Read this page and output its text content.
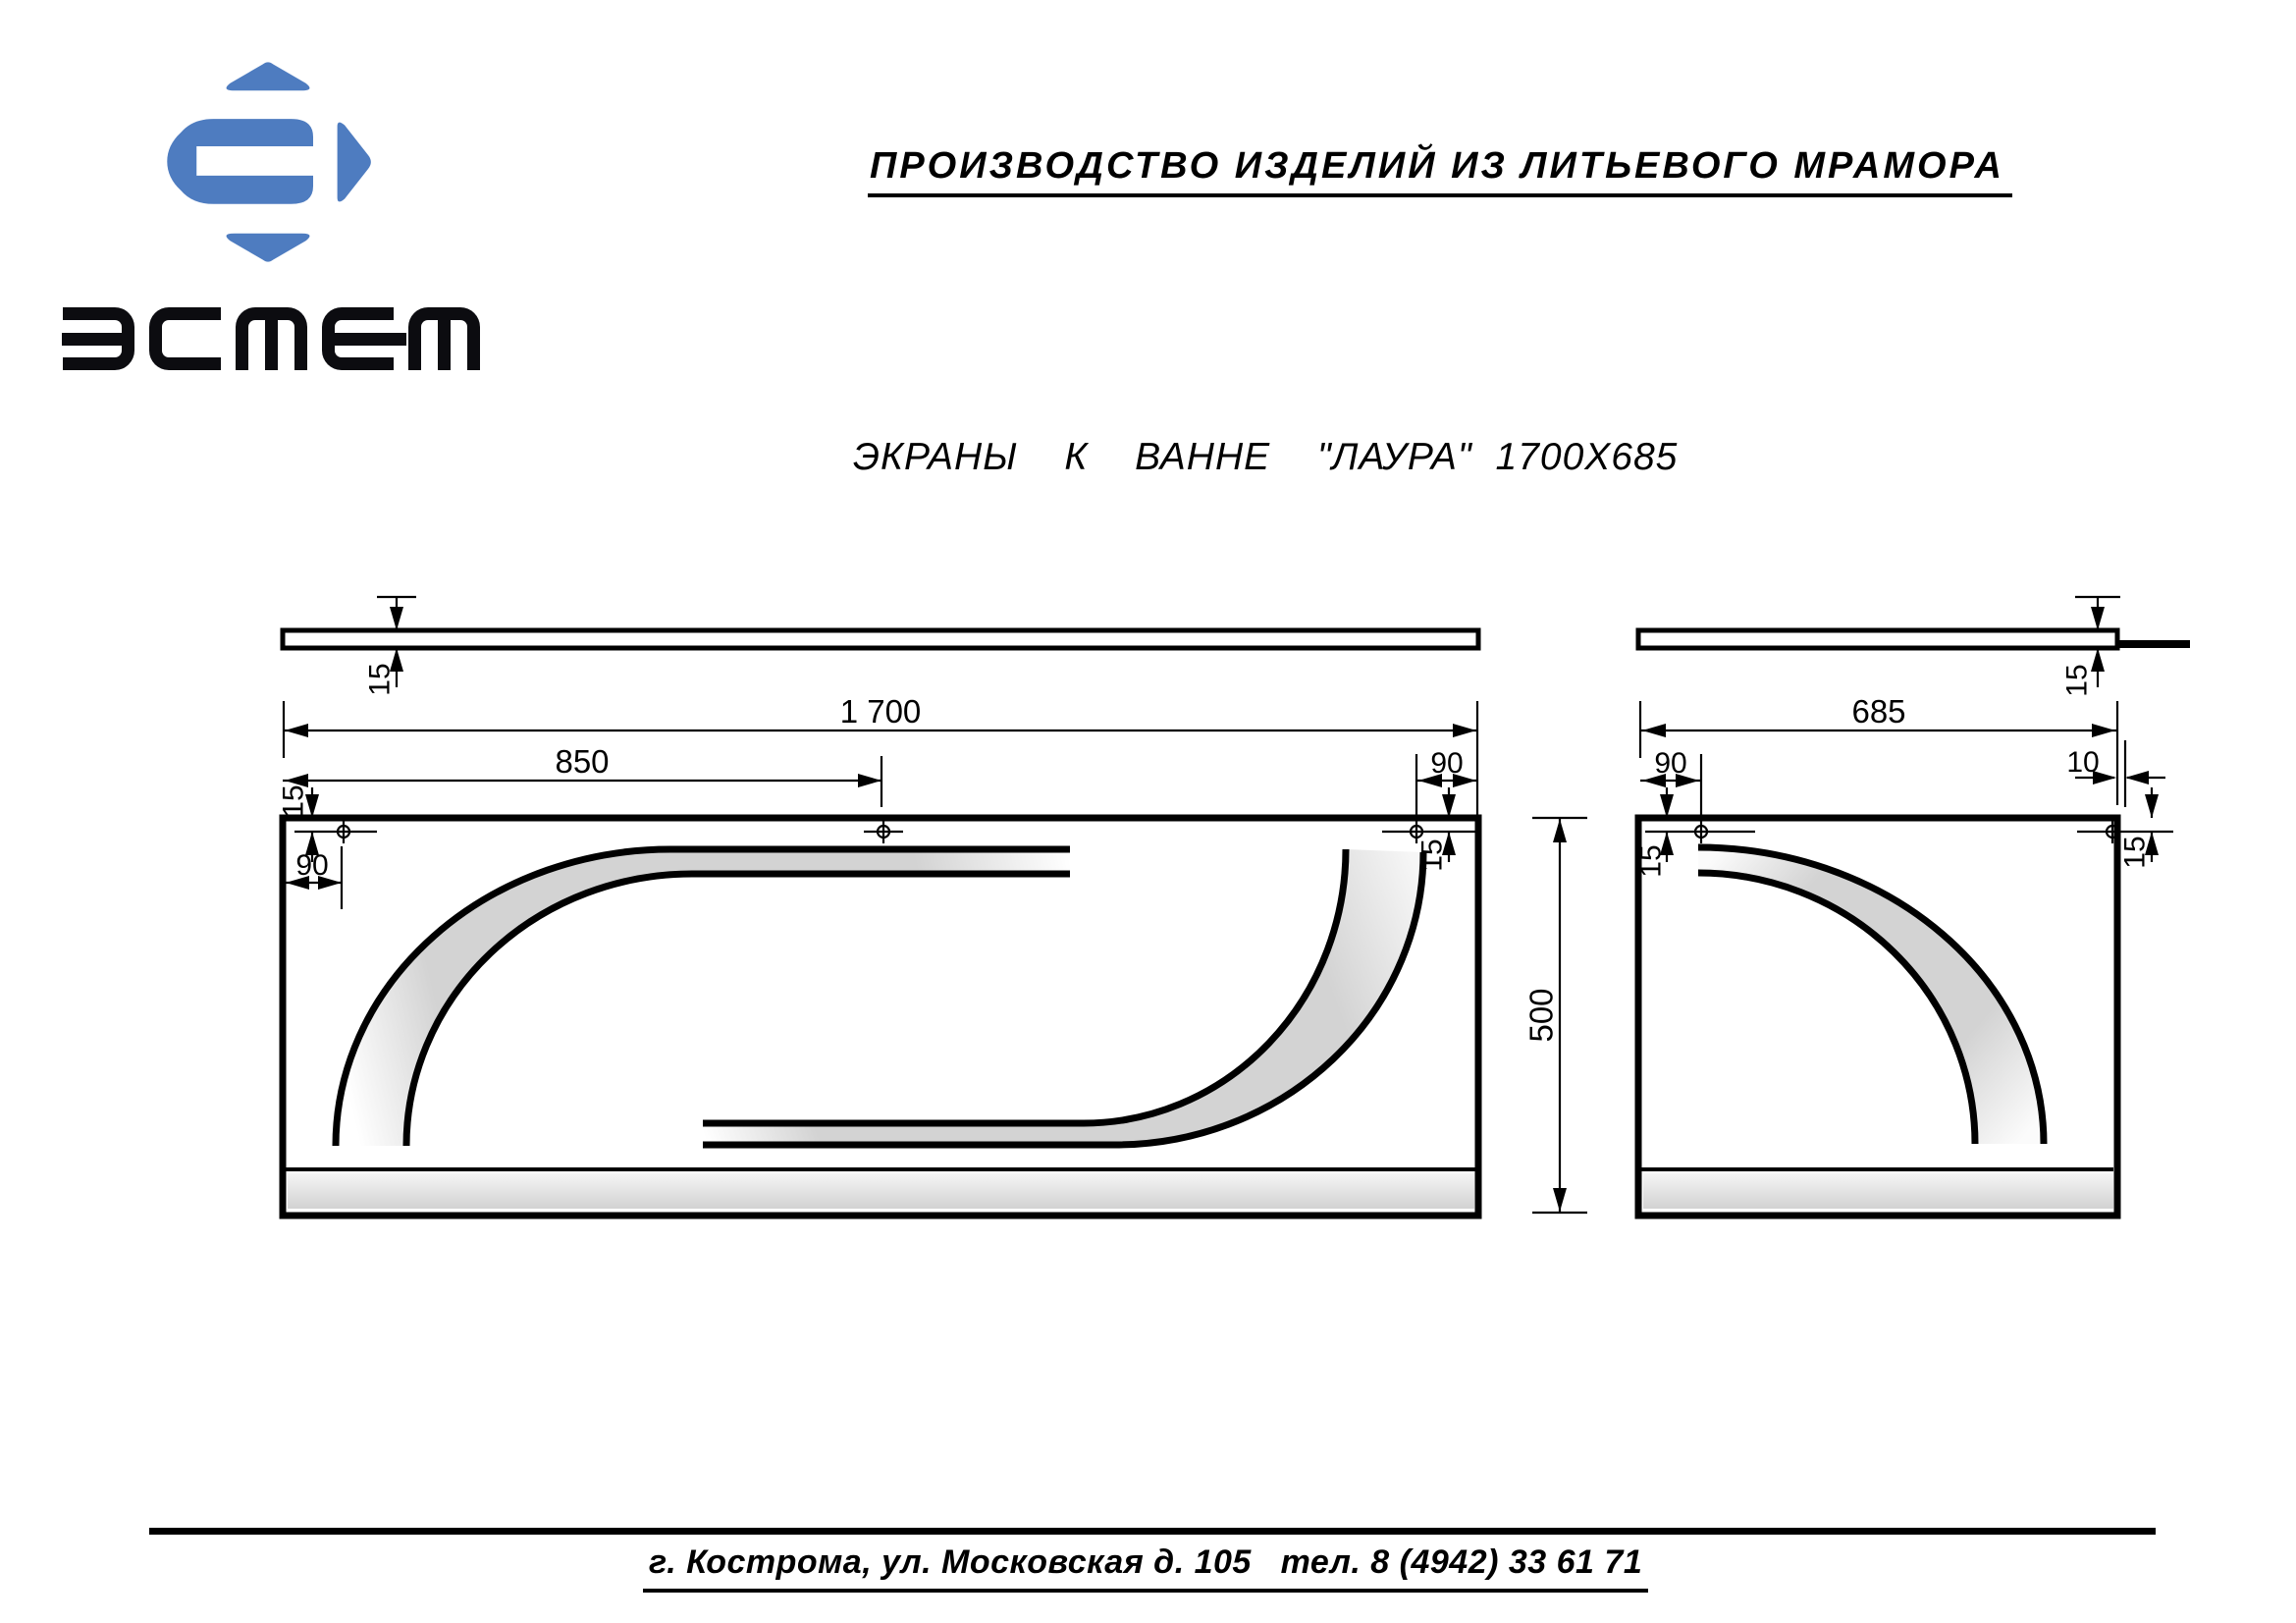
ПРОИЗВОДСТВО ИЗДЕЛИЙ ИЗ ЛИТЬЕВОГО МРАМОРА
ЭКРАНЫ  К  ВАННЕ  "ЛАУРА" 1700Х685
15
1 700
850
15
90
90
15
500
15
685
90
15
10
15
г. Кострома, ул. Московская д. 105   тел. 8 (4942) 33 61 71
